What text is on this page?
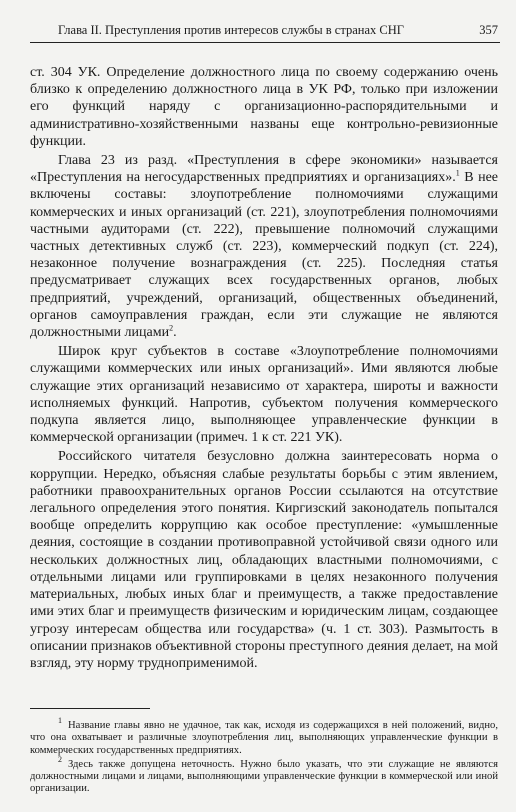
Глава II. Преступления против интересов службы в странах СНГ	357

ст. 304 УК. Определение должностного лица по своему содержанию очень близко к определению должностного лица в УК РФ, только при изложении его функций наряду с организационно-распорядительными и административно-хозяйственными названы еще контрольно-ревизионные функции.

Глава 23 из разд. «Преступления в сфере экономики» называется «Преступления на негосударственных предприятиях и организациях».$^1$ В нее включены составы: злоупотребление полномочиями служащими коммерческих и иных организаций (ст. 221), злоупотребления полномочиями частными аудиторами (ст. 222), превышение полномочий служащими частных детективных служб (ст. 223), коммерческий подкуп (ст. 224), незаконное получение вознаграждения (ст. 225). Последняя статья предусматривает служащих всех государственных органов, любых предприятий, учреждений, организаций, общественных объединений, органов самоуправления граждан, если эти служащие не являются должностными лицами$^2$.

Широк круг субъектов в составе «Злоупотребление полномочиями служащими коммерческих или иных организаций». Ими являются любые служащие этих организаций независимо от характера, широты и важности исполняемых функций. Напротив, субъектом получения коммерческого подкупа является лицо, выполняющее управленческие функции в коммерческой организации (примеч. 1 к ст. 221 УК).

Российского читателя безусловно должна заинтересовать норма о коррупции. Нередко, объясняя слабые результаты борьбы с этим явлением, работники правоохранительных органов России ссылаются на отсутствие легального определения этого понятия. Киргизский законодатель попытался вообще определить коррупцию как особое преступление: «умышленные деяния, состоящие в создании противоправной устойчивой связи одного или нескольких должностных лиц, обладающих властными полномочиями, с отдельными лицами или группировками в целях незаконного получения материальных, любых иных благ и преимуществ, а также предоставление ими этих благ и преимуществ физическим и юридическим лицам, создающее угрозу интересам общества или государства» (ч. 1 ст. 303). Размытость в описании признаков объективной стороны преступного деяния делает, на мой взгляд, эту норму трудноприменимой.

1 Название главы явно не удачное, так как, исходя из содержащихся в ней положений, видно, что она охватывает и различные злоупотребления лиц, выполняющих управленческие функции в коммерческих государственных предприятиях.

2 Здесь также допущена неточность. Нужно было указать, что эти служащие не являются должностными лицами и лицами, выполняющими управленческие функции в коммерческой или иной организации.
